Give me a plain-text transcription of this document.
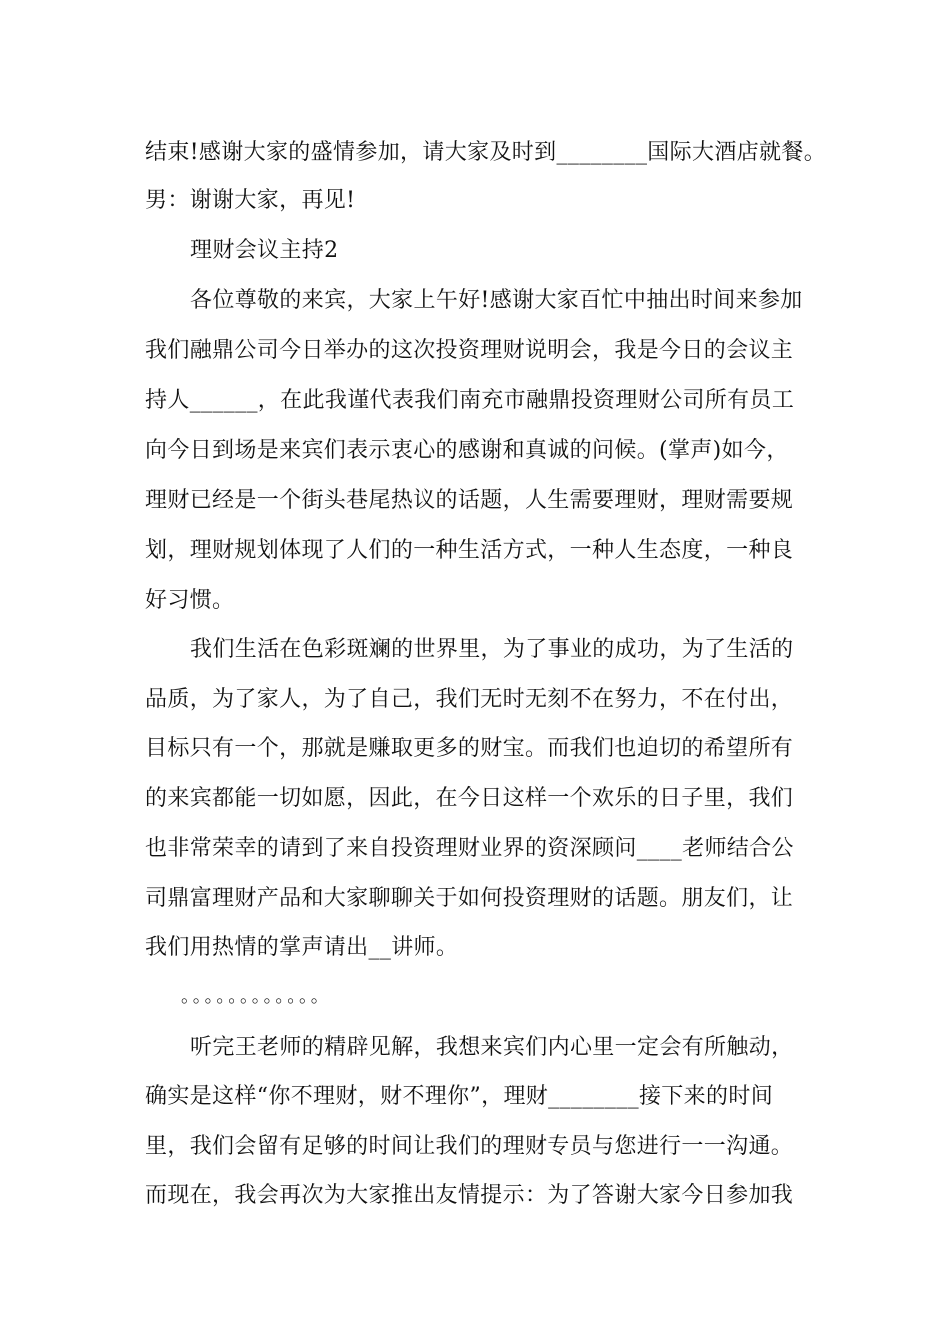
结束!感谢大家的盛情参加，请大家及时到________国际大酒店就餐。
男：谢谢大家，再见!
理财会议主持2
各位尊敬的来宾，大家上午好!感谢大家百忙中抽出时间来参加
我们融鼎公司今日举办的这次投资理财说明会，我是今日的会议主
持人______，在此我谨代表我们南充市融鼎投资理财公司所有员工
向今日到场是来宾们表示衷心的感谢和真诚的问候。(掌声)如今，
理财已经是一个街头巷尾热议的话题，人生需要理财，理财需要规
划，理财规划体现了人们的一种生活方式，一种人生态度，一种良
好习惯。
我们生活在色彩斑斓的世界里，为了事业的成功，为了生活的
品质，为了家人，为了自己，我们无时无刻不在努力，不在付出，
目标只有一个，那就是赚取更多的财宝。而我们也迫切的希望所有
的来宾都能一切如愿，因此，在今日这样一个欢乐的日子里，我们
也非常荣幸的请到了来自投资理财业界的资深顾问____老师结合公
司鼎富理财产品和大家聊聊关于如何投资理财的话题。朋友们，让
我们用热情的掌声请出__讲师。
。。。。。。。。。。。。
听完王老师的精辟见解，我想来宾们内心里一定会有所触动，
确实是这样“你不理财，财不理你”，理财________接下来的时间
里，我们会留有足够的时间让我们的理财专员与您进行一一沟通。
而现在，我会再次为大家推出友情提示：为了答谢大家今日参加我
